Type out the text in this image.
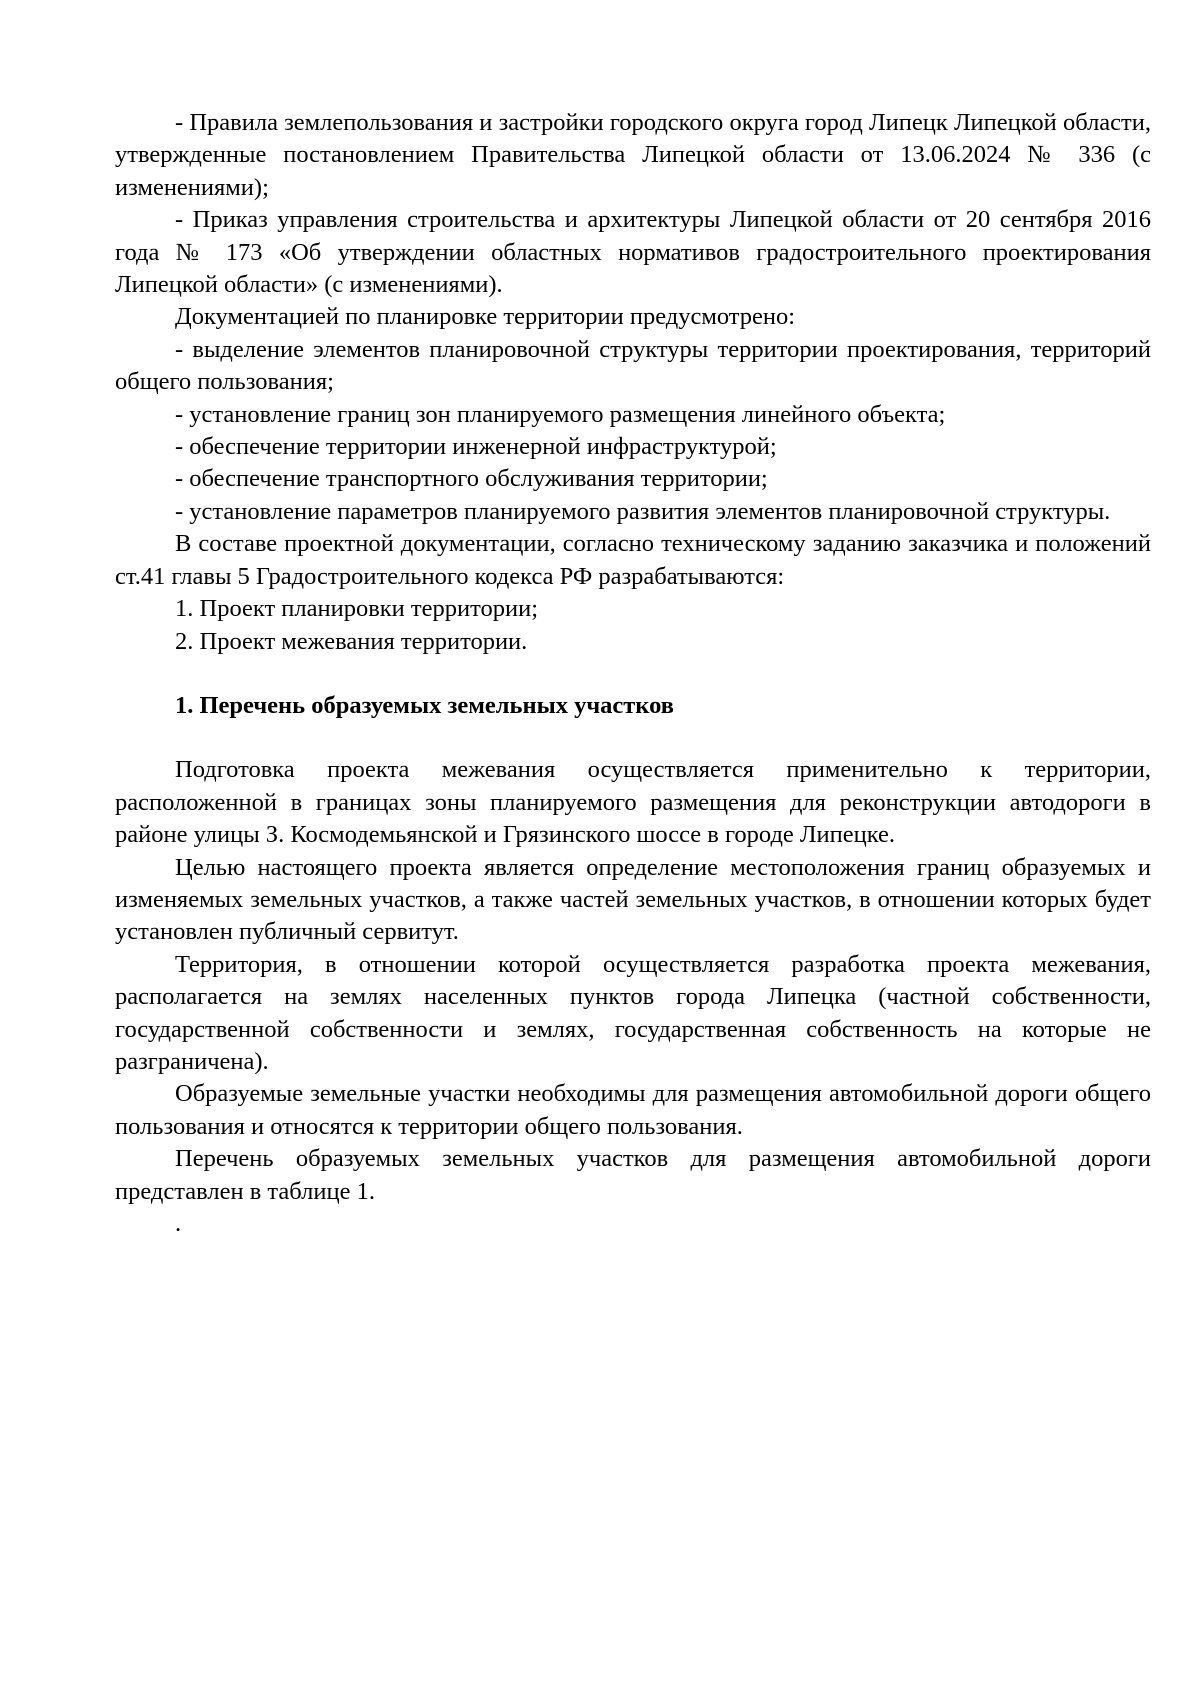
- Правила землепользования и застройки городского округа город Липецк Липецкой области, утвержденные постановлением Правительства Липецкой области от 13.06.2024 № 336 (с изменениями);

- Приказ управления строительства и архитектуры Липецкой области от 20 сентября 2016 года № 173 «Об утверждении областных нормативов градостроительного проектирования Липецкой области» (с изменениями).

Документацией по планировке территории предусмотрено:

- выделение элементов планировочной структуры территории проектирования, территорий общего пользования;

- установление границ зон планируемого размещения линейного объекта;

- обеспечение территории инженерной инфраструктурой;

- обеспечение транспортного обслуживания территории;

- установление параметров планируемого развития элементов планировочной структуры.

В составе проектной документации, согласно техническому заданию заказчика и положений ст.41 главы 5 Градостроительного кодекса РФ разрабатываются:

1. Проект планировки территории;

2. Проект межевания территории.

1. Перечень образуемых земельных участков

Подготовка проекта межевания осуществляется применительно к территории, расположенной в границах зоны планируемого размещения для реконструкции автодороги в районе улицы З. Космодемьянской и Грязинского шоссе в городе Липецке.

Целью настоящего проекта является определение местоположения границ образуемых и изменяемых земельных участков, а также частей земельных участков, в отношении которых будет установлен публичный сервитут.

Территория, в отношении которой осуществляется разработка проекта межевания, располагается на землях населенных пунктов города Липецка (частной собственности, государственной собственности и землях, государственная собственность на которые не разграничена).

Образуемые земельные участки необходимы для размещения автомобильной дороги общего пользования и относятся к территории общего пользования.

Перечень образуемых земельных участков для размещения автомобильной дороги представлен в таблице 1.

.
